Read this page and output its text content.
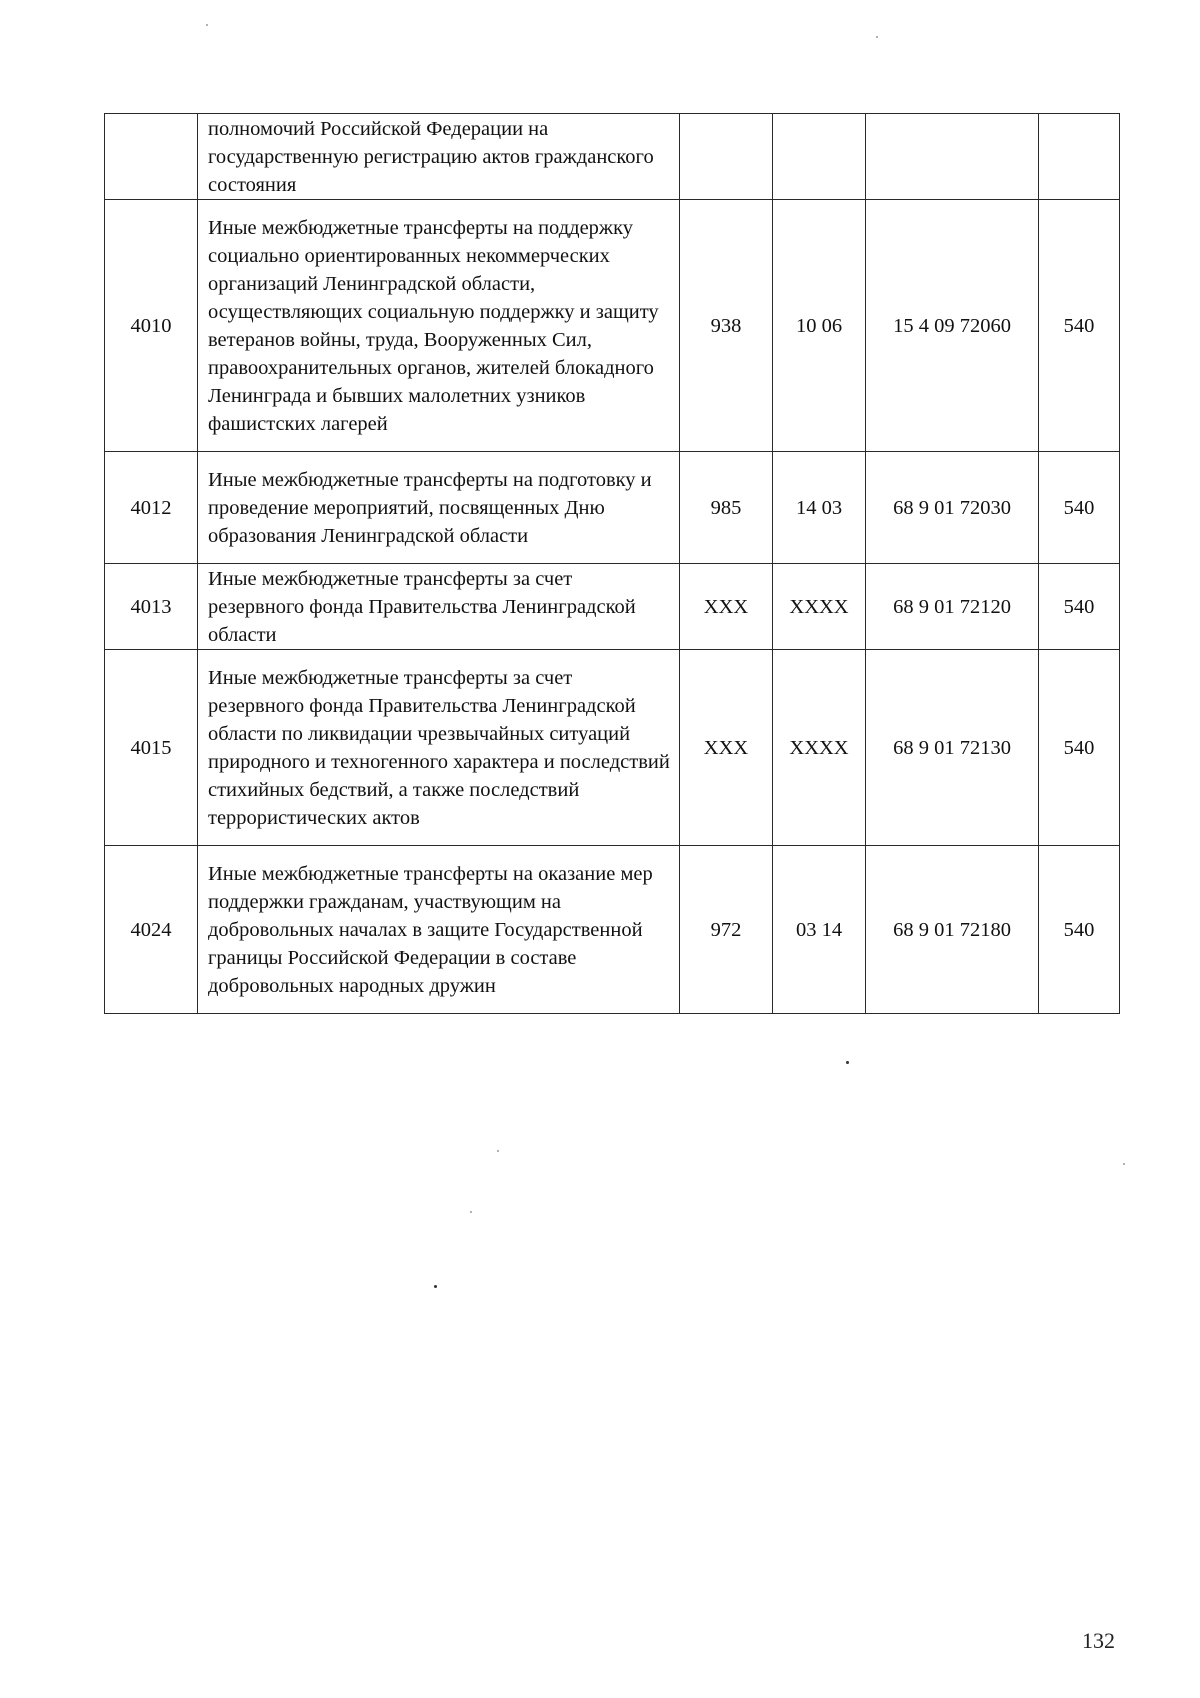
	полномочий Российской Федерации на государственную регистрацию актов гражданского состояния				
4010	Иные межбюджетные трансферты на поддержку социально ориентированных некоммерческих организаций Ленинградской области, осуществляющих социальную поддержку и защиту ветеранов войны, труда, Вооруженных Сил, правоохранительных органов, жителей блокадного Ленинграда и бывших малолетних узников фашистских лагерей	938	10 06	15 4 09 72060	540
4012	Иные межбюджетные трансферты на подготовку и проведение мероприятий, посвященных Дню образования Ленинградской области	985	14 03	68 9 01 72030	540
4013	Иные межбюджетные трансферты за счет резервного фонда Правительства Ленинградской области	ХХХ	ХХХХ	68 9 01 72120	540
4015	Иные межбюджетные трансферты за счет резервного фонда Правительства Ленинградской области по ликвидации чрезвычайных ситуаций природного и техногенного характера и последствий стихийных бедствий, а также последствий террористических актов	ХХХ	ХХХХ	68 9 01 72130	540
4024	Иные межбюджетные трансферты на оказание мер поддержки гражданам, участвующим на добровольных началах в защите Государственной границы Российской Федерации в составе добровольных народных дружин	972	03 14	68 9 01 72180	540
132
